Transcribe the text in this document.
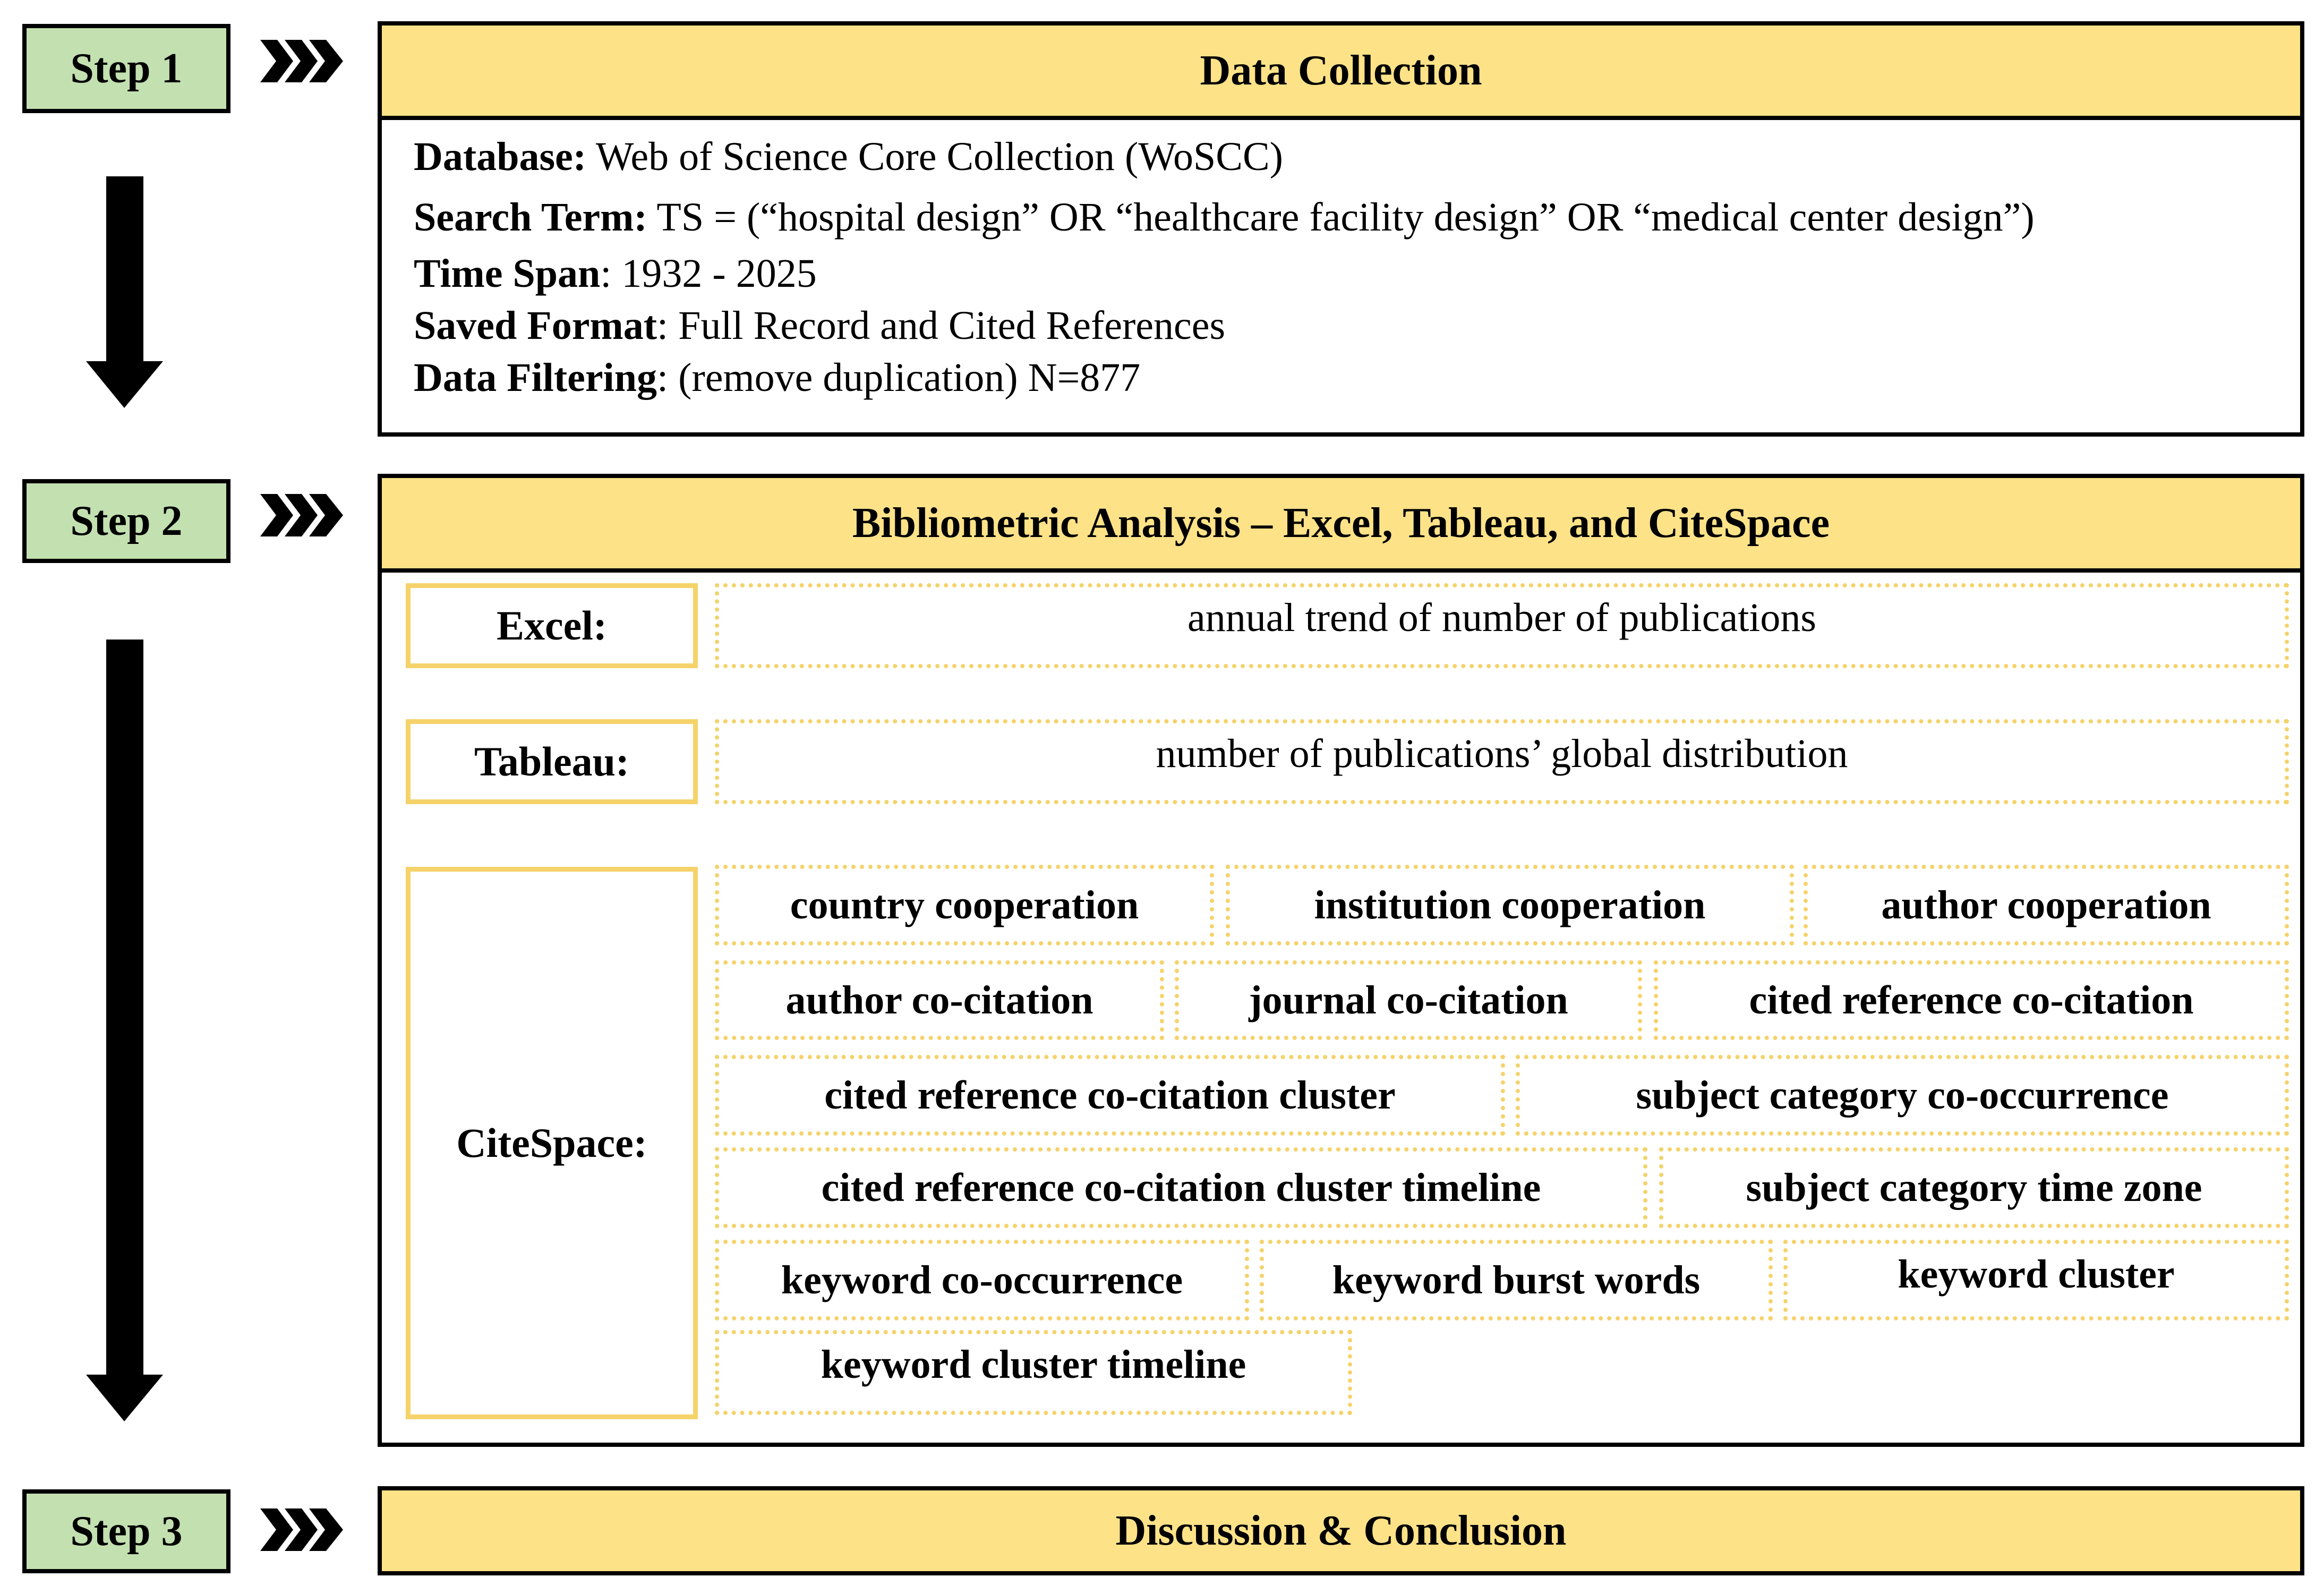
Step 1	Data Collection
Database: Web of Science Core Collection (WoSCC)
Search Term: TS = (“hospital design” OR “healthcare facility design” OR “medical center design”)
Time Span: 1932 - 2025
Saved Format: Full Record and Cited References
Data Filtering: (remove duplication) N=877
Step 2	Bibliometric Analysis – Excel, Tableau, and CiteSpace
Excel:	annual trend of number of publications
Tableau:	number of publications’ global distribution
CiteSpace:
country cooperation	institution cooperation	author cooperation
author co-citation	journal co-citation	cited reference co-citation
cited reference co-citation cluster	subject category co-occurrence
cited reference co-citation cluster timeline	subject category time zone
keyword co-occurrence	keyword burst words	keyword cluster
keyword cluster timeline
Step 3	Discussion & Conclusion
